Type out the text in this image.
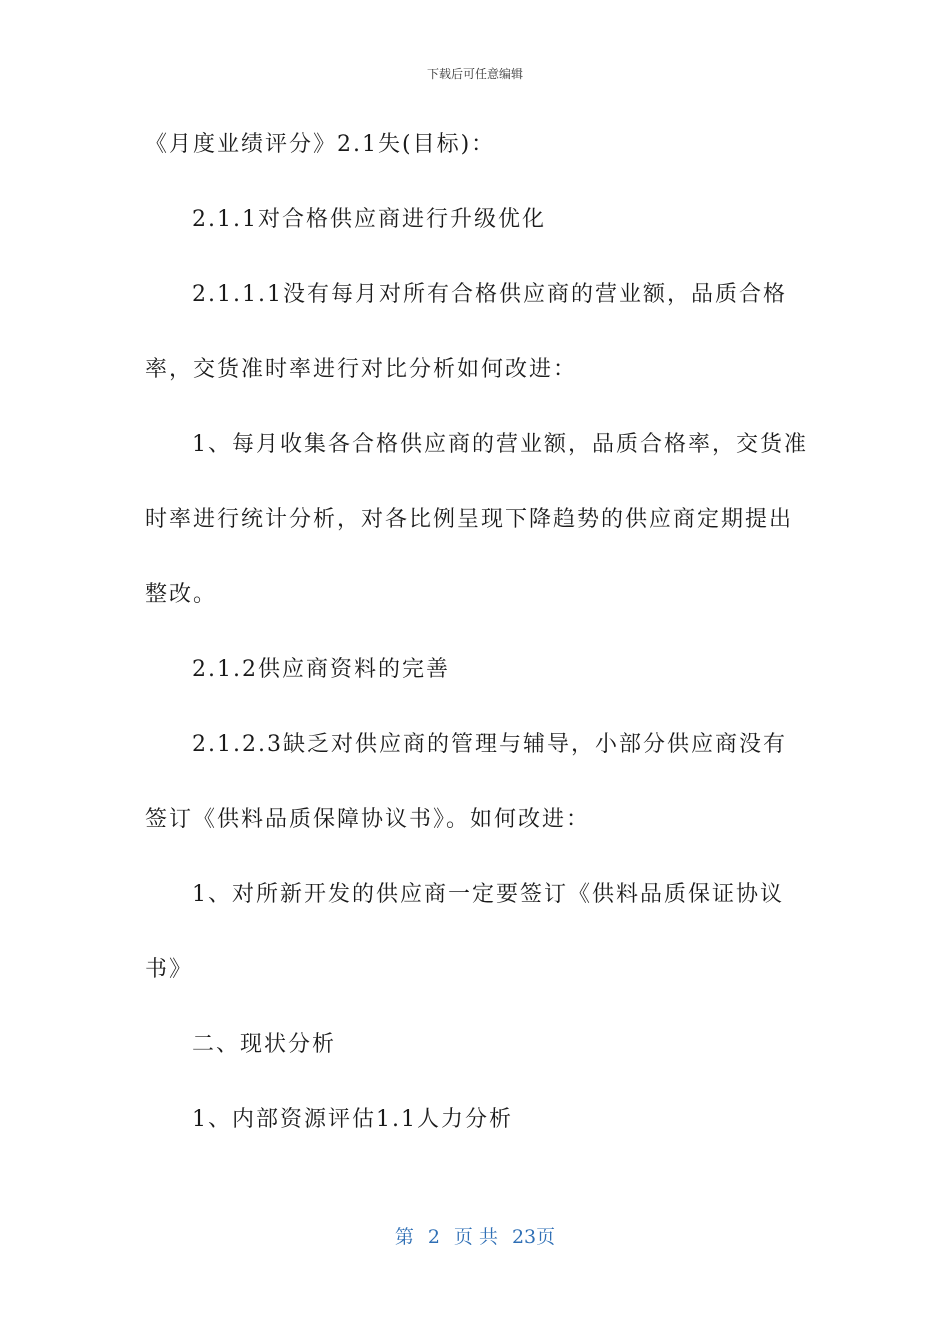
下载后可任意编辑
《月度业绩评分》2.1失(目标)：
2.1.1对合格供应商进行升级优化
2.1.1.1没有每月对所有合格供应商的营业额，品质合格
率，交货准时率进行对比分析如何改进：
1、每月收集各合格供应商的营业额，品质合格率，交货准
时率进行统计分析，对各比例呈现下降趋势的供应商定期提出
整改。
2.1.2供应商资料的完善
2.1.2.3缺乏对供应商的管理与辅导，小部分供应商没有
签订《供料品质保障协议书》。如何改进：
1、对所新开发的供应商一定要签订《供料品质保证协议
书》
二、现状分析
1、内部资源评估1.1人力分析
第 2 页 共 23页
